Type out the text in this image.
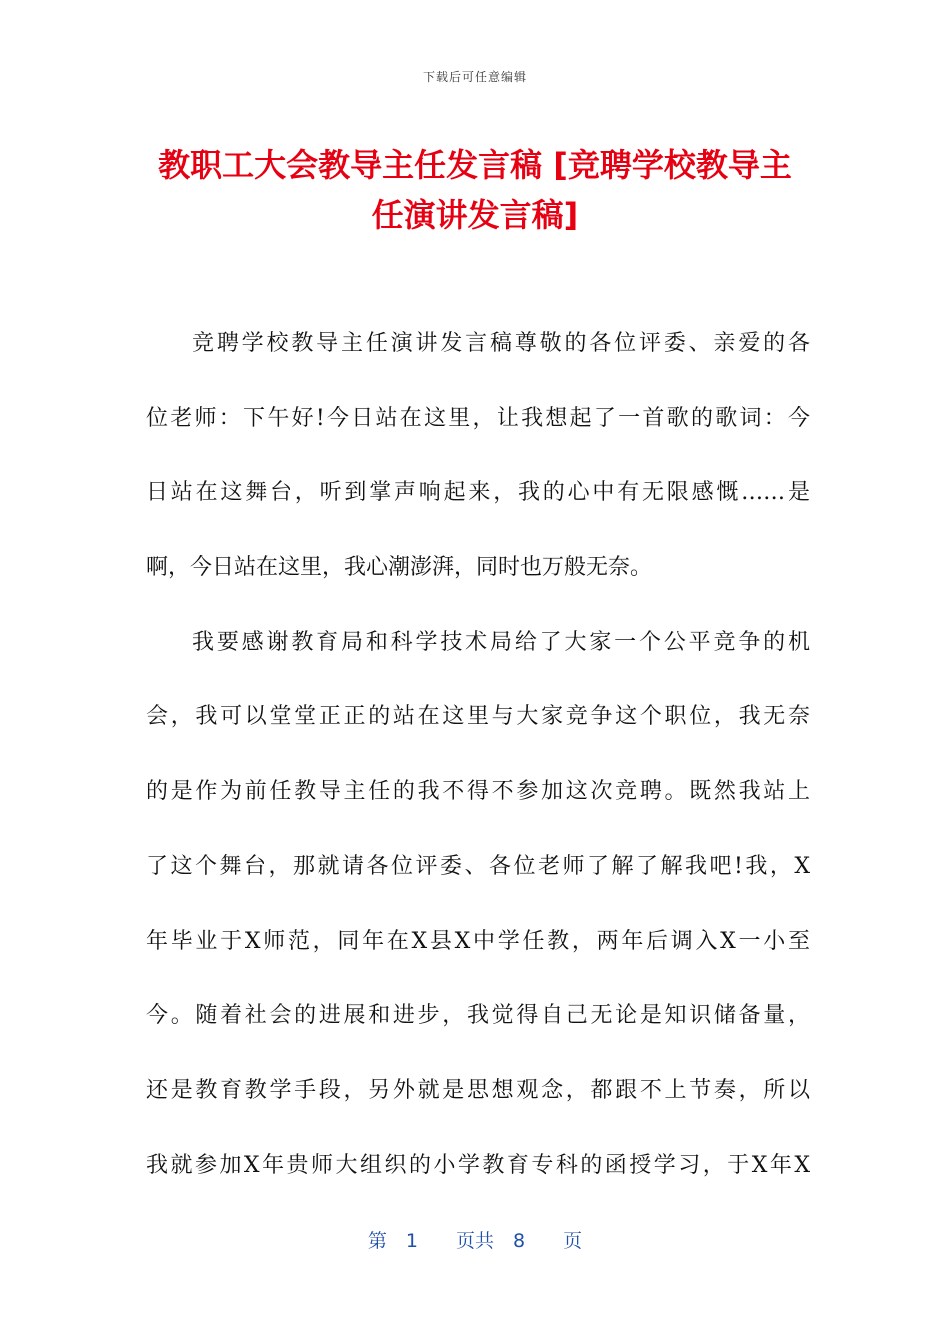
下载后可任意编辑
教职工大会教导主任发言稿 [竞聘学校教导主
任演讲发言稿]
竞聘学校教导主任演讲发言稿尊敬的各位评委、亲爱的各
位老师：下午好!今日站在这里，让我想起了一首歌的歌词：今
日站在这舞台，听到掌声响起来，我的心中有无限感慨……是
啊，今日站在这里，我心潮澎湃，同时也万般无奈。
我要感谢教育局和科学技术局给了大家一个公平竞争的机
会，我可以堂堂正正的站在这里与大家竞争这个职位，我无奈
的是作为前任教导主任的我不得不参加这次竞聘。既然我站上
了这个舞台，那就请各位评委、各位老师了解了解我吧!我，X
年毕业于X师范，同年在X县X中学任教，两年后调入X一小至
今。随着社会的进展和进步，我觉得自己无论是知识储备量，
还是教育教学手段，另外就是思想观念，都跟不上节奏，所以
我就参加X年贵师大组织的小学教育专科的函授学习，于X年X
第　1　　页共　8　　页
